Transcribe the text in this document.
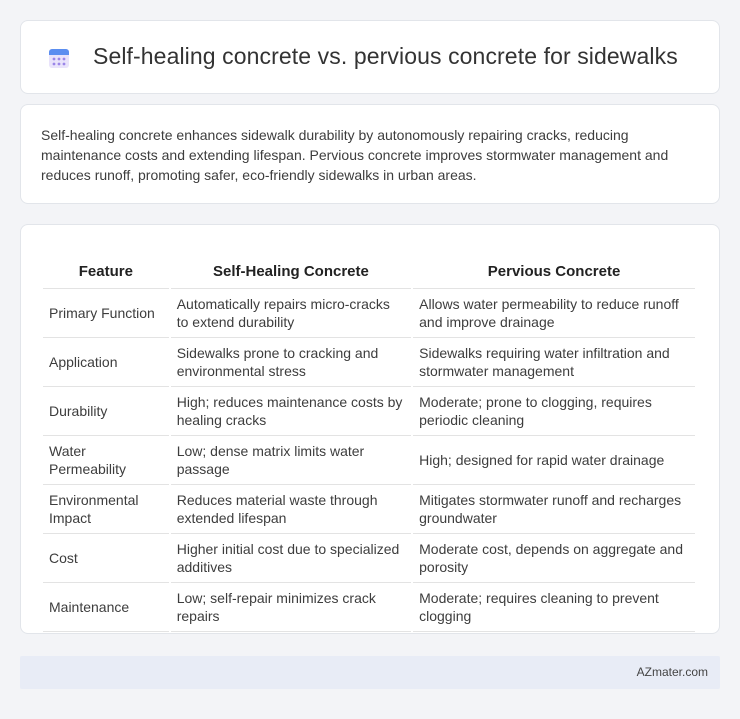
Self-healing concrete vs. pervious concrete for sidewalks

Self-healing concrete enhances sidewalk durability by autonomously repairing cracks, reducing maintenance costs and extending lifespan. Pervious concrete improves stormwater management and reduces runoff, promoting safer, eco-friendly sidewalks in urban areas.

Feature	Self-Healing Concrete	Pervious Concrete
Primary Function	Automatically repairs micro-cracks to extend durability	Allows water permeability to reduce runoff and improve drainage
Application	Sidewalks prone to cracking and environmental stress	Sidewalks requiring water infiltration and stormwater management
Durability	High; reduces maintenance costs by healing cracks	Moderate; prone to clogging, requires periodic cleaning
Water Permeability	Low; dense matrix limits water passage	High; designed for rapid water drainage
Environmental Impact	Reduces material waste through extended lifespan	Mitigates stormwater runoff and recharges groundwater
Cost	Higher initial cost due to specialized additives	Moderate cost, depends on aggregate and porosity
Maintenance	Low; self-repair minimizes crack repairs	Moderate; requires cleaning to prevent clogging
AZmater.com
